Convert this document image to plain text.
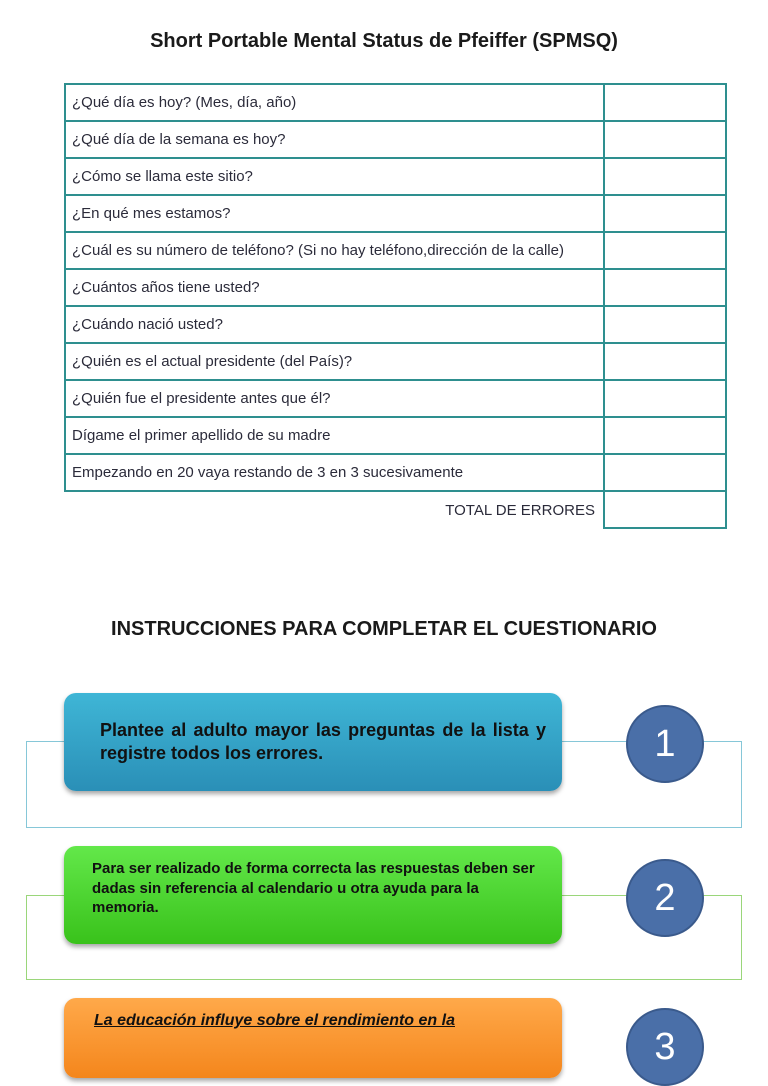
Short Portable Mental Status de Pfeiffer (SPMSQ)
¿Qué día es hoy? (Mes, día, año)	
¿Qué día de la semana es hoy?	
¿Cómo se llama este sitio?	
¿En qué mes estamos?	
¿Cuál es su número de teléfono? (Si no hay teléfono,dirección de la calle)	
¿Cuántos años tiene usted?	
¿Cuándo nació usted?	
¿Quién es el actual presidente (del País)?	
¿Quién fue el presidente antes que él?	
Dígame el primer apellido de su madre	
Empezando en 20 vaya restando de 3 en 3 sucesivamente	
TOTAL DE ERRORES	
INSTRUCCIONES PARA COMPLETAR EL CUESTIONARIO
Plantee al adulto mayor las preguntas de la lista y registre todos los errores.	1
Para ser realizado de forma correcta las respuestas deben ser dadas sin referencia al calendario u otra ayuda para la memoria.	2
La educación influye sobre el rendimiento en la
3
